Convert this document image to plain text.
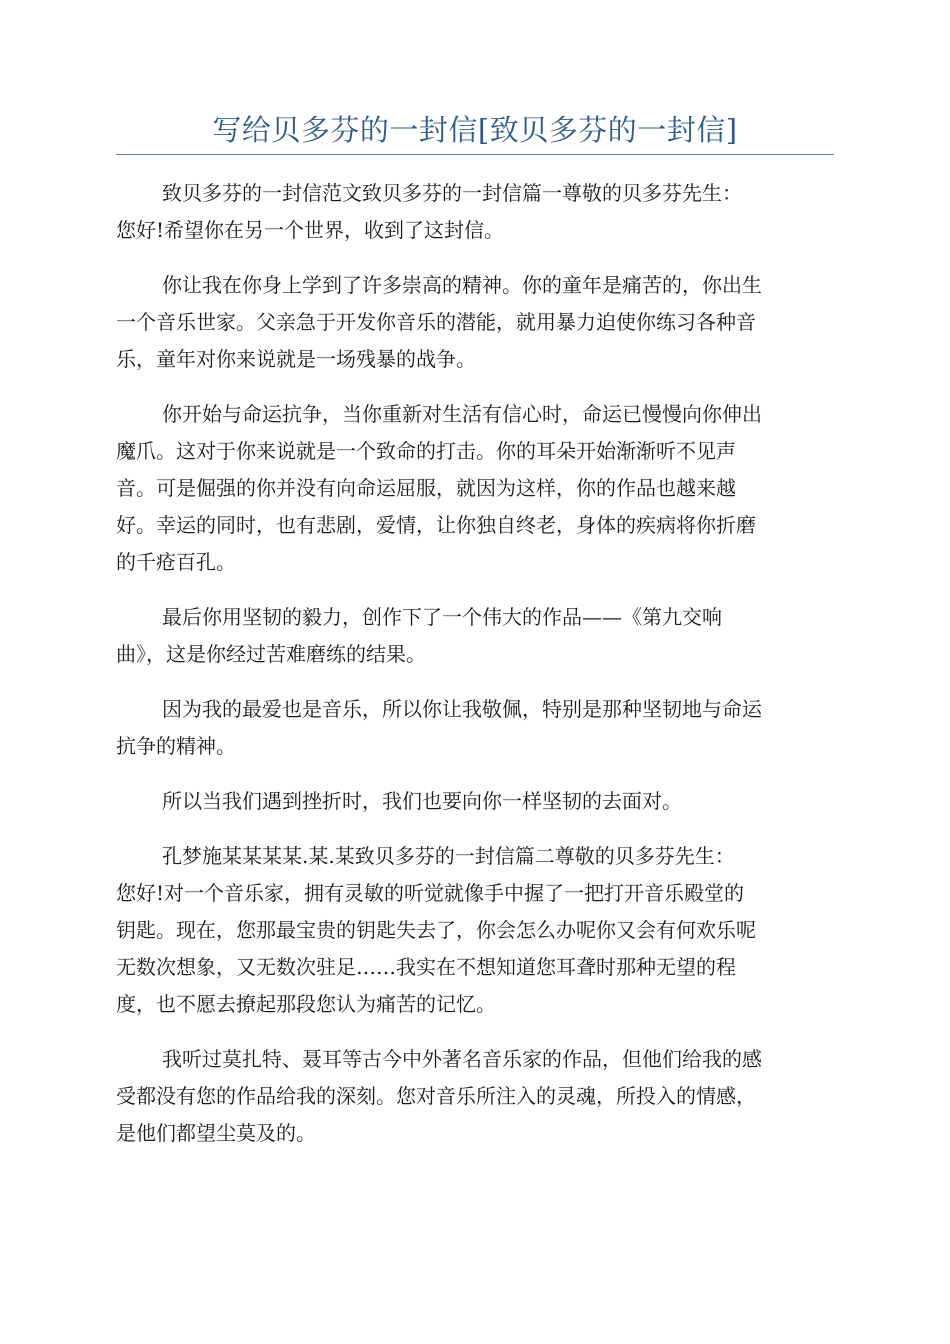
写给贝多芬的一封信[致贝多芬的一封信]
致贝多芬的一封信范文致贝多芬的一封信篇一尊敬的贝多芬先生：
您好!希望你在另一个世界，收到了这封信。
你让我在你身上学到了许多崇高的精神。你的童年是痛苦的，你出生
一个音乐世家。父亲急于开发你音乐的潜能，就用暴力迫使你练习各种音
乐，童年对你来说就是一场残暴的战争。
你开始与命运抗争，当你重新对生活有信心时，命运已慢慢向你伸出
魔爪。这对于你来说就是一个致命的打击。你的耳朵开始渐渐听不见声
音。可是倔强的你并没有向命运屈服，就因为这样，你的作品也越来越
好。幸运的同时，也有悲剧，爱情，让你独自终老，身体的疾病将你折磨
的千疮百孔。
最后你用坚韧的毅力，创作下了一个伟大的作品——《第九交响
曲》，这是你经过苦难磨练的结果。
因为我的最爱也是音乐，所以你让我敬佩，特别是那种坚韧地与命运
抗争的精神。
所以当我们遇到挫折时，我们也要向你一样坚韧的去面对。
孔梦施某某某某.某.某致贝多芬的一封信篇二尊敬的贝多芬先生：
您好!对一个音乐家，拥有灵敏的听觉就像手中握了一把打开音乐殿堂的
钥匙。现在，您那最宝贵的钥匙失去了，你会怎么办呢你又会有何欢乐呢
无数次想象，又无数次驻足……我实在不想知道您耳聋时那种无望的程
度，也不愿去撩起那段您认为痛苦的记忆。
我听过莫扎特、聂耳等古今中外著名音乐家的作品，但他们给我的感
受都没有您的作品给我的深刻。您对音乐所注入的灵魂，所投入的情感，
是他们都望尘莫及的。
